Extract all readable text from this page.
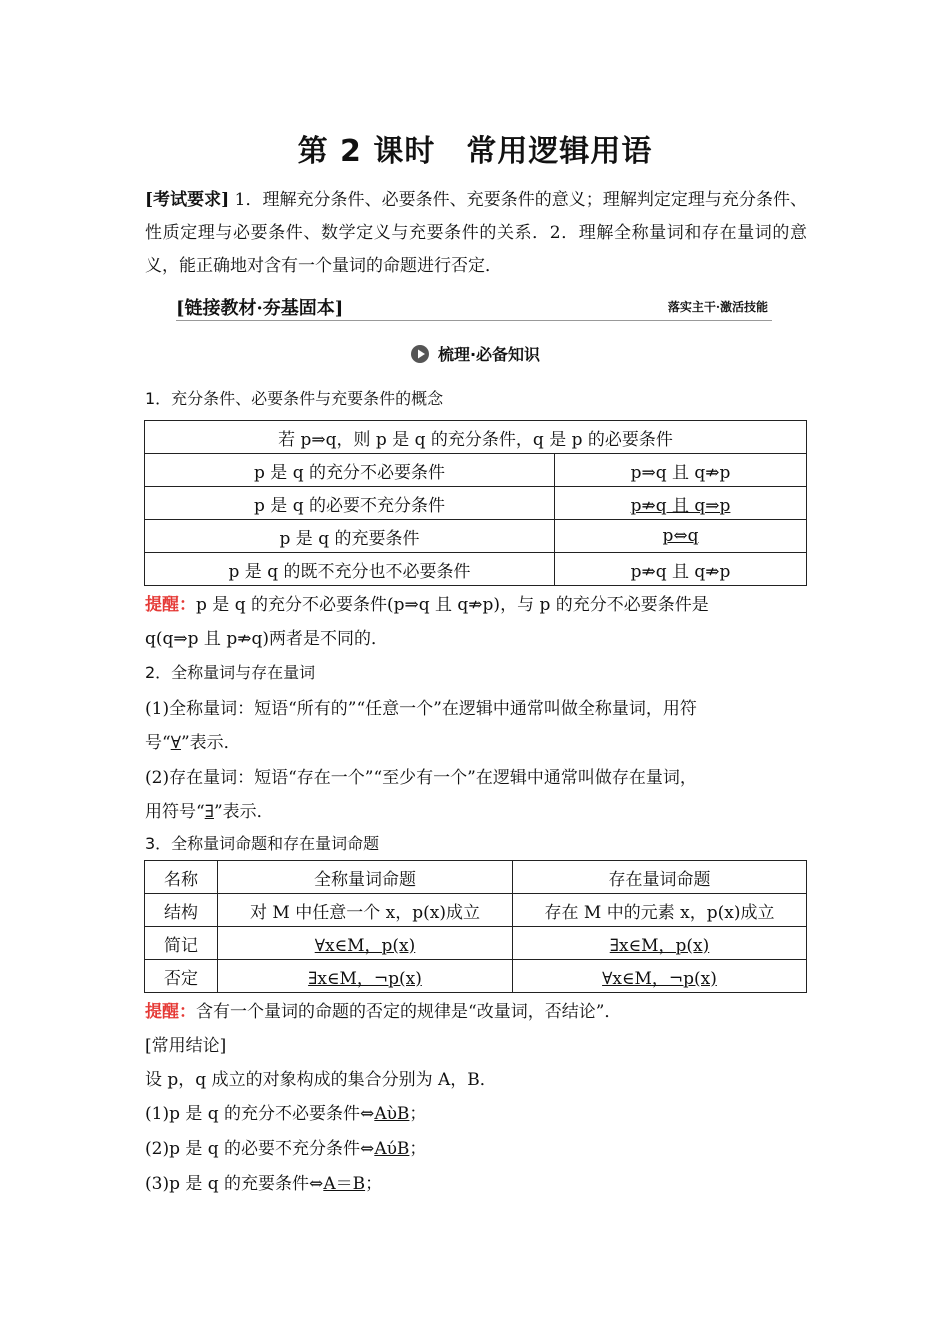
第 2 课时　常用逻辑用语
[考试要求] 1．理解充分条件、必要条件、充要条件的意义；理解判定定理与充分条件、性质定理与必要条件、数学定义与充要条件的关系．2．理解全称量词和存在量词的意义，能正确地对含有一个量词的命题进行否定．
[链接教材·夯基固本]	落实主干·激活技能
梳理·必备知识
1．充分条件、必要条件与充要条件的概念
若 p⇒q，则 p 是 q 的充分条件，q 是 p 的必要条件	
p 是 q 的充分不必要条件	p⇒q 且 q⇏p
p 是 q 的必要不充分条件	p⇏q 且 q⇒p
p 是 q 的充要条件	p⇔q
p 是 q 的既不充分也不必要条件	p⇏q 且 q⇏p
提醒：p 是 q 的充分不必要条件(p⇒q 且 q⇏p)，与 p 的充分不必要条件是
q(q⇒p 且 p⇏q)两者是不同的．
2．全称量词与存在量词
(1)全称量词：短语“所有的”“任意一个”在逻辑中通常叫做全称量词，用符
号“∀”表示．
(2)存在量词：短语“存在一个”“至少有一个”在逻辑中通常叫做存在量词，
用符号“∃”表示．
3．全称量词命题和存在量词命题
名称	全称量词命题	存在量词命题
结构	对 M 中任意一个 x，p(x)成立	存在 M 中的元素 x，p(x)成立
简记	∀x∈M，p(x)	∃x∈M，p(x)
否定	∃x∈M，¬p(x)	∀x∈M，¬p(x)
提醒：含有一个量词的命题的否定的规律是“改量词，否结论”．
[常用结论]
设 p，q 成立的对象构成的集合分别为 A，B．
(1)p 是 q 的充分不必要条件⇔AὺB；
(2)p 是 q 的必要不充分条件⇔AύB；
(3)p 是 q 的充要条件⇔A＝B；
